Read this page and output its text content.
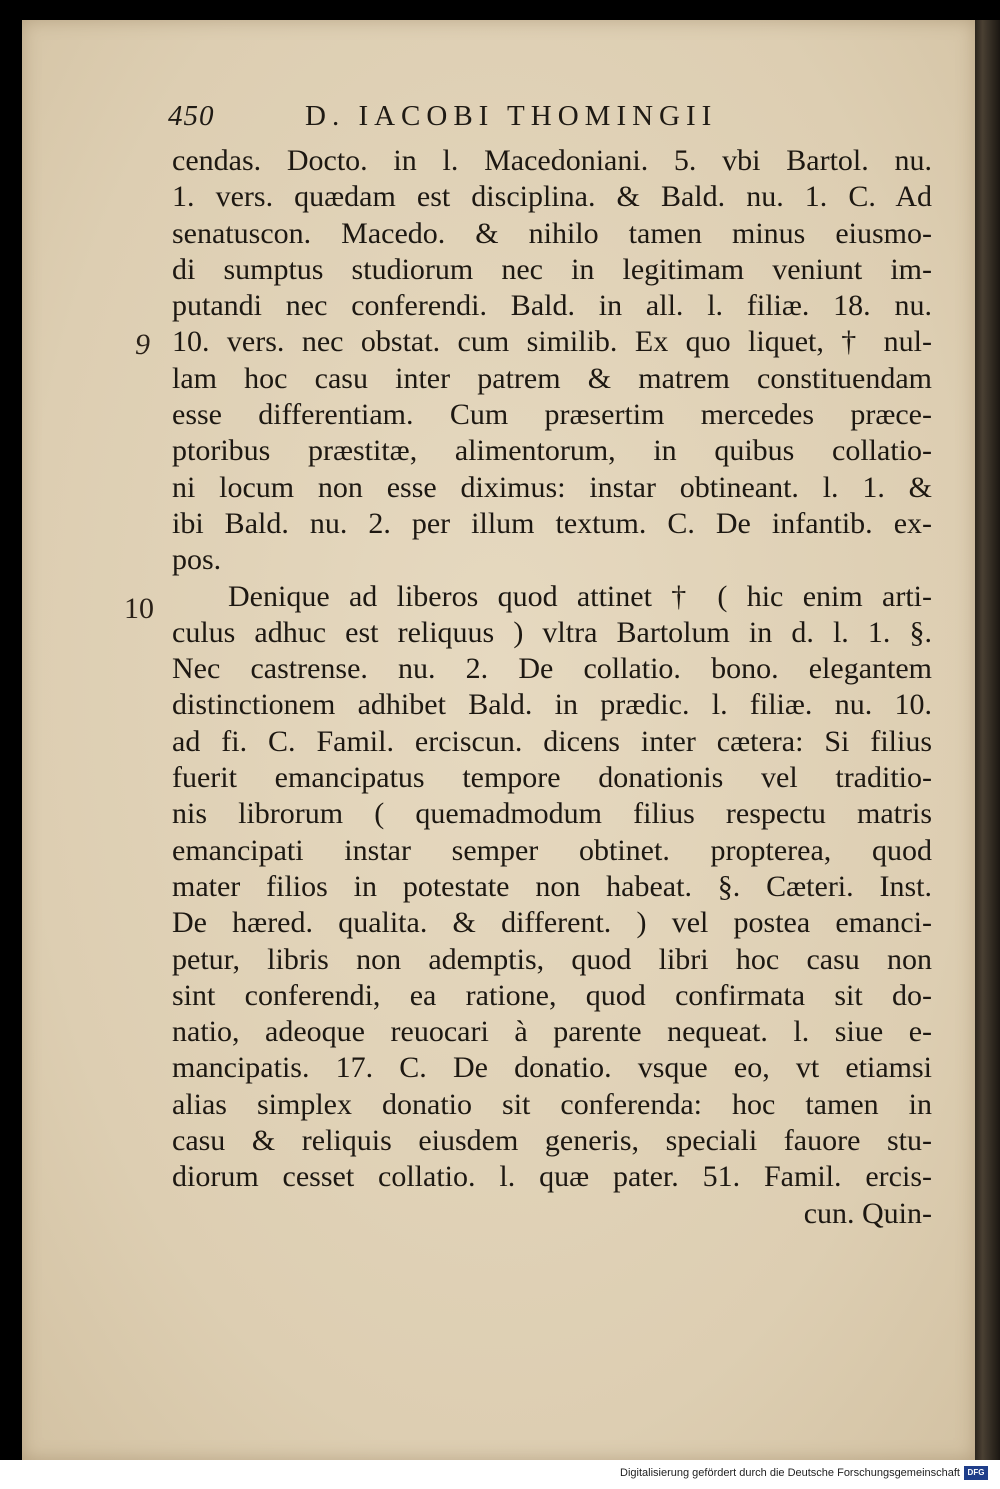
450	D. IACOBI THOMINGII
9
10
cendas. Docto. in l. Macedoniani. 5. vbi Bartol. nu.
1. vers. quædam est disciplina. & Bald. nu. 1. C. Ad
senatuscon. Macedo. & nihilo tamen minus eiusmo-
di sumptus studiorum nec in legitimam veniunt im-
putandi nec conferendi. Bald. in all. l. filiæ. 18. nu.
10. vers. nec obstat. cum similib. Ex quo liquet, † nul-
lam hoc casu inter patrem & matrem constituendam
esse differentiam. Cum præsertim mercedes præce-
ptoribus præstitæ, alimentorum, in quibus collatio-
ni locum non esse diximus: instar obtineant. l. 1. &
ibi Bald. nu. 2. per illum textum. C. De infantib. ex-
pos.
Denique ad liberos quod attinet † ( hic enim arti-
culus adhuc est reliquus ) vltra Bartolum in d. l. 1. §.
Nec castrense. nu. 2. De collatio. bono. elegantem
distinctionem adhibet Bald. in prædic. l. filiæ. nu. 10.
ad fi. C. Famil. erciscun. dicens inter cætera: Si filius
fuerit emancipatus tempore donationis vel traditio-
nis librorum ( quemadmodum filius respectu matris
emancipati instar semper obtinet. propterea, quod
mater filios in potestate non habeat. §. Cæteri. Inst.
De hæred. qualita. & different. ) vel postea emanci-
petur, libris non ademptis, quod libri hoc casu non
sint conferendi, ea ratione, quod confirmata sit do-
natio, adeoque reuocari à parente nequeat. l. siue e-
mancipatis. 17. C. De donatio. vsque eo, vt etiamsi
alias simplex donatio sit conferenda: hoc tamen in
casu & reliquis eiusdem generis, speciali fauore stu-
diorum cesset collatio. l. quæ pater. 51. Famil. ercis-
cun. Quin-
Digitalisierung gefördert durch die Deutsche Forschungsgemeinschaft DFG
